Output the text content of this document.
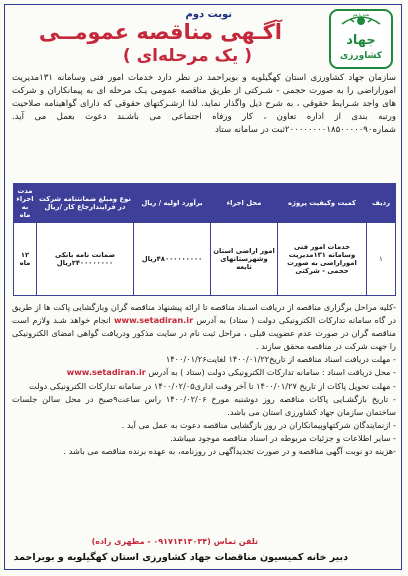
نوبت دوم
آگـهی مناقصه عمومــی
( یک مرحله‌ای )
جهاد
کشاورزی
همه با هم
سازمان جهاد کشاورزی استان کهگیلویه و بویراحمد در نظر دارد خدمات امور فنی وسامانه ۱۳۱مدیریت امورارا‌ضی را به صورت حجمی - شـرکتی از طریق مناقصه عمومی یـک مرحله ای به پیمانکاران و شرکت های واجد شـرایط حقوقی ، به شرح ذیل واگذار نماید. لذا ازشـرکتهای حقوقی که دارای گواهینامه صلاحیت ورتبه بندی از اداره تعاون ، کار ورفاه اجتماعی می باشـند دعوت بعمل می آید. شماره۲۰۰۰۰۰۰۰۰۱۸۵۰۰۰۰۰۹۰ثبت در سامانه ستاد
ردیف	کمیت وکیفیت پروژه	محل اجراء	برآورد اولیه / ریال	نوع ومبلغ ضمانتنامه شرکت در فرایندارجاع کار /ریال	مدت اجراء به ماه
۱	خدمات امور فنی وسامانه ۱۳۱مدیریت امورارا‌ضی به صورت حجمی - شرکتی	امور اراضی استان وشهرستانهای تابعه	۴۸۰۰۰۰۰۰۰۰۰ریال	ضمانت نامه بانکی ۲۴۰۰۰۰۰۰۰۰ریال	۱۲ ماه

-کلیه مراحل برگزاری مناقصه از دریافت اسـناد مناقصه تا ارائه پیشنهاد مناقصه گران وبازگشایی پاکت ها از طریق در گاه سامانه تدارکات الکترونیکی دولت ( ستاد) به آدرس www.setadiran.ir انجام خواهد شـد ولازم است مناقصه گران در صورت عدم عضویت قبلی ، مراحل ثبت نام در سایت مذکور ودریافت گواهی امضای الکترونیکی را جهت شرکت در مناقصه محقق سازند .

- مهلت دریافت اسناد مناقصه از تاریخ۱۴۰۰/۰۱/۲۲ لغایت۱۴۰۰/۰۱/۲۶

- محل دریافت اسناد : سامانه تدارکات الکترونیکی دولت (ستاد ) به آدرس www.setadiran.ir

- مهلت تحویل پاکات از تاریخ ۱۴۰۰/۰۱/۲۷ تا آخر وقت اداری۱۴۰۰/۰۲/۰۵ در سامانه تدارکات الکترونیکی دولت

- تاریخ بازگشـایی پاکات مناقصه روز دوشنبه مورخ ۱۴۰۰/۰۲/۰۶ راس ساعت۹صبح در محل سالن جلسات ساختمان سازمان جهاد کشاورزی استان می باشد.

- ازنمایندگان شرکتهاوپیمانکاران در روز بازگشایی مناقصه دعوت به عمل می آید .

- سایر اطلاعات و جزئیات مربوطه در اسناد مناقصه موجود میباشد.

-هزینه دو نوبت آگهی مناقصه و در صورت تجدیدآگهی در روزنامه، به عهده برنده مناقصه می باشد .

تلفن تماس (۰۹۱۷۱۴۱۳۰۳۴ - مطهری زاده)
دبیر خانه کمیسیون مناقصات جهاد کشاورزی استان کهگیلویه و بویراحمد
